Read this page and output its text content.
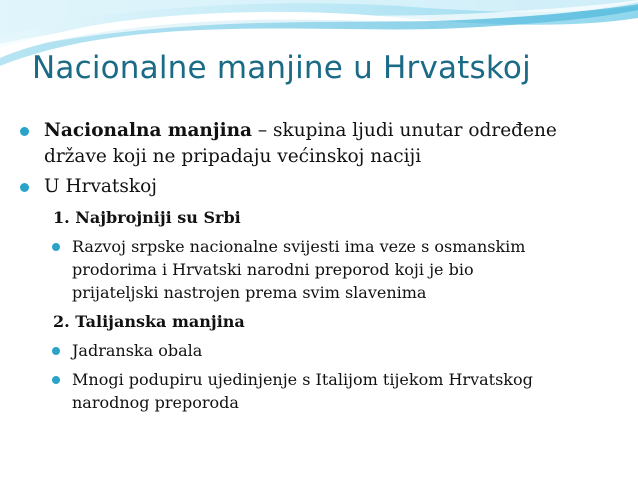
Nacionalne manjine u Hrvatskoj
Nacionalna manjina – skupina ljudi unutar određene
države koji ne pripadaju većinskoj naciji
U Hrvatskoj
1. Najbrojniji su Srbi
Razvoj srpske nacionalne svijesti ima veze s osmanskim
prodorima i Hrvatski narodni preporod koji je bio
prijateljski nastrojen prema svim slavenima
2. Talijanska manjina
Jadranska obala
Mnogi podupiru ujedinjenje s Italijom tijekom Hrvatskog
narodnog preporoda
